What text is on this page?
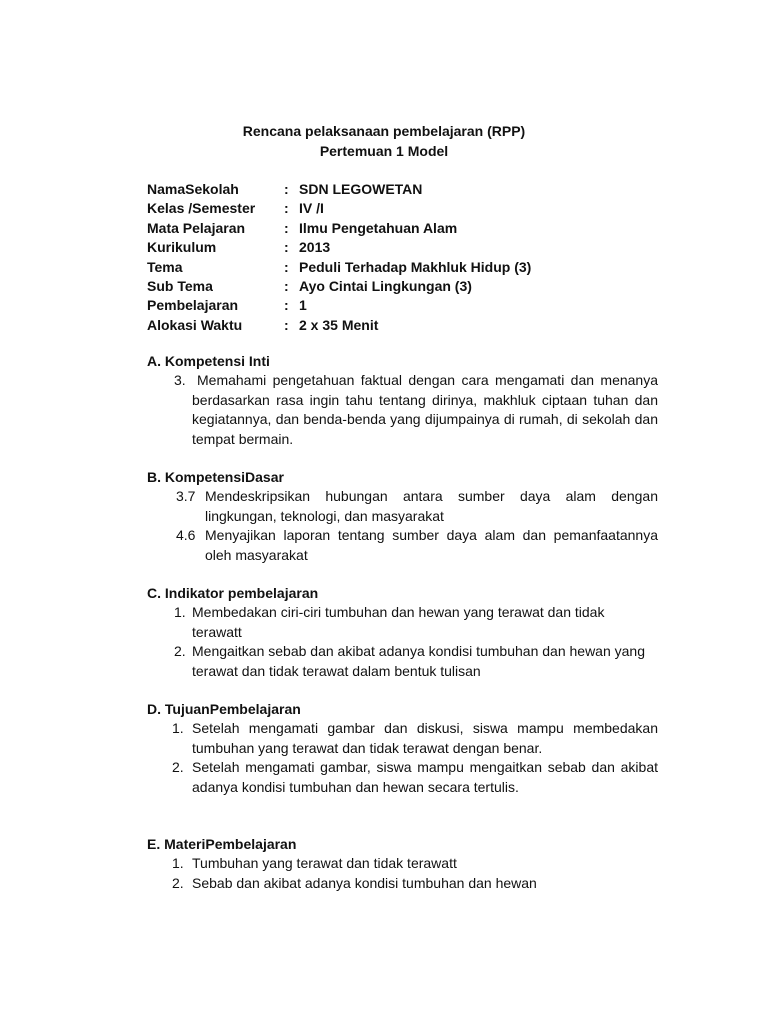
Rencana pelaksanaan pembelajaran (RPP)
Pertemuan 1 Model
NamaSekolah	: SDN LEGOWETAN
Kelas /Semester	: IV /I
Mata Pelajaran	: Ilmu Pengetahuan Alam
Kurikulum	: 2013
Tema	: Peduli Terhadap Makhluk Hidup (3)
Sub Tema	: Ayo Cintai Lingkungan (3)
Pembelajaran	: 1
Alokasi Waktu	: 2 x 35 Menit
A. Kompetensi Inti
3. Memahami pengetahuan faktual dengan cara mengamati dan menanya berdasarkan rasa ingin tahu tentang dirinya, makhluk ciptaan tuhan dan kegiatannya, dan benda-benda yang dijumpainya di rumah, di sekolah dan tempat bermain.
B. KompetensiDasar
3.7 Mendeskripsikan hubungan antara sumber daya alam dengan lingkungan, teknologi, dan masyarakat
4.6 Menyajikan laporan tentang sumber daya alam dan pemanfaatannya oleh masyarakat
C. Indikator pembelajaran
1. Membedakan ciri-ciri tumbuhan dan hewan yang terawat dan tidak terawatt
2. Mengaitkan sebab dan akibat adanya kondisi tumbuhan dan hewan yang terawat dan tidak terawat dalam bentuk tulisan
D. TujuanPembelajaran
1. Setelah mengamati gambar dan diskusi, siswa mampu membedakan tumbuhan yang terawat dan tidak terawat dengan benar.
2. Setelah mengamati gambar, siswa mampu mengaitkan sebab dan akibat adanya kondisi tumbuhan dan hewan secara tertulis.
E. MateriPembelajaran
1. Tumbuhan yang terawat dan tidak terawatt
2. Sebab dan akibat adanya kondisi tumbuhan dan hewan
